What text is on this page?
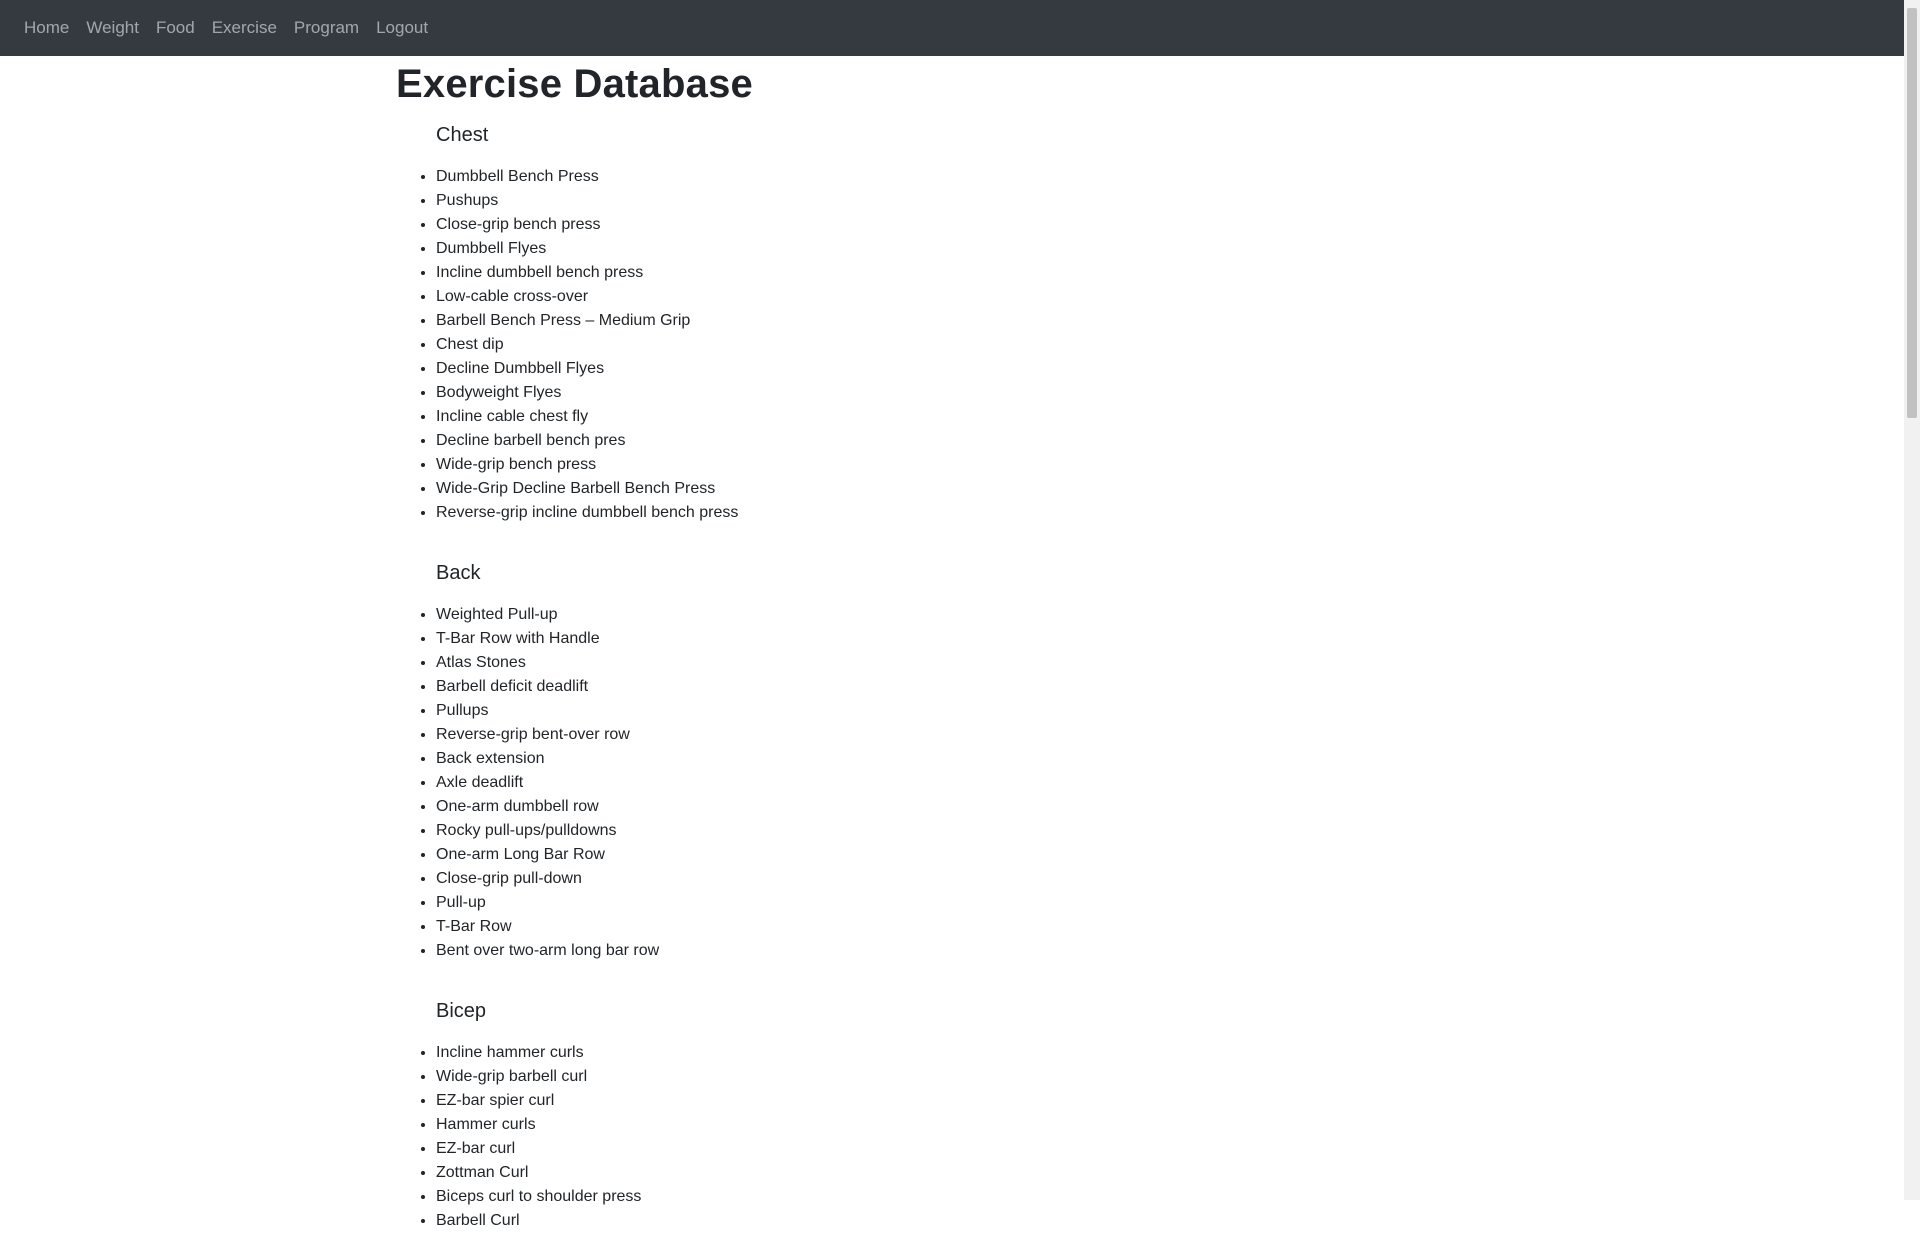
Home Weight Food Exercise Program Logout
Exercise Database
Chest
• Dumbbell Bench Press
• Pushups
• Close-grip bench press
• Dumbbell Flyes
• Incline dumbbell bench press
• Low-cable cross-over
• Barbell Bench Press – Medium Grip
• Chest dip
• Decline Dumbbell Flyes
• Bodyweight Flyes
• Incline cable chest fly
• Decline barbell bench pres
• Wide-grip bench press
• Wide-Grip Decline Barbell Bench Press
• Reverse-grip incline dumbbell bench press
Back
• Weighted Pull-up
• T-Bar Row with Handle
• Atlas Stones
• Barbell deficit deadlift
• Pullups
• Reverse-grip bent-over row
• Back extension
• Axle deadlift
• One-arm dumbbell row
• Rocky pull-ups/pulldowns
• One-arm Long Bar Row
• Close-grip pull-down
• Pull-up
• T-Bar Row
• Bent over two-arm long bar row
Bicep
• Incline hammer curls
• Wide-grip barbell curl
• EZ-bar spier curl
• Hammer curls
• EZ-bar curl
• Zottman Curl
• Biceps curl to shoulder press
• Barbell Curl
